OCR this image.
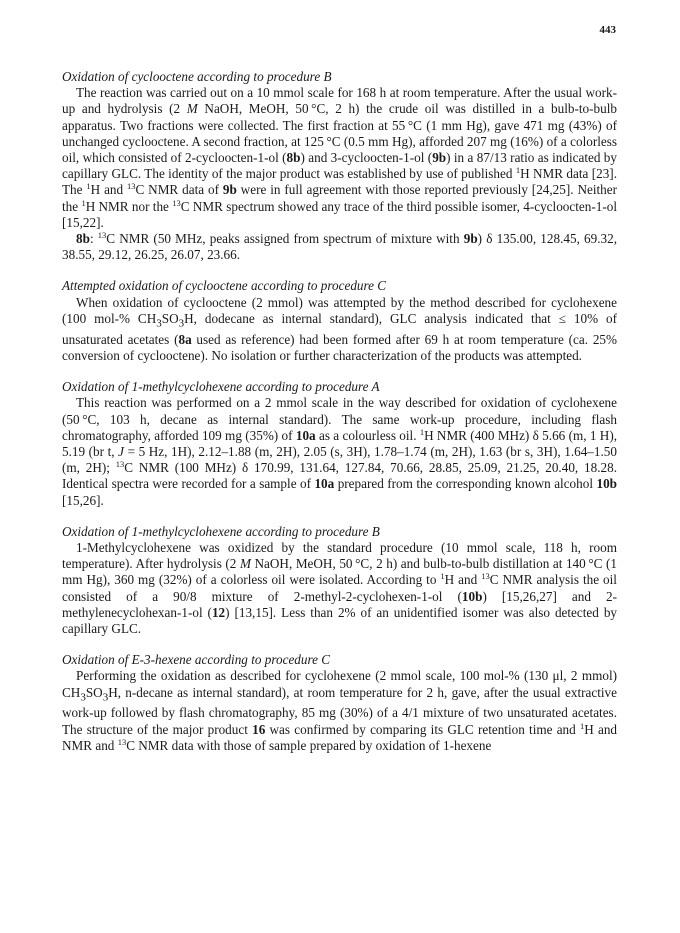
443

Oxidation of cyclooctene according to procedure B

The reaction was carried out on a 10 mmol scale for 168 h at room temperature. After the usual work-up and hydrolysis (2 M NaOH, MeOH, 50 °C, 2 h) the crude oil was distilled in a bulb-to-bulb apparatus. Two fractions were collected. The first fraction at 55 °C (1 mm Hg), gave 471 mg (43%) of unchanged cyclooctene. A second fraction, at 125 °C (0.5 mm Hg), afforded 207 mg (16%) of a colorless oil, which consisted of 2-cycloocten-1-ol (8b) and 3-cycloocten-1-ol (9b) in a 87/13 ratio as indicated by capillary GLC. The identity of the major product was established by use of published $^1$H NMR data [23]. The $^1$H and $^{13}$C NMR data of 9b were in full agreement with those reported previously [24,25]. Neither the $^1$H NMR nor the $^{13}$C NMR spectrum showed any trace of the third possible isomer, 4-cycloocten-1-ol [15,22].

8b: $^{13}$C NMR (50 MHz, peaks assigned from spectrum of mixture with 9b) δ 135.00, 128.45, 69.32, 38.55, 29.12, 26.25, 26.07, 23.66.

Attempted oxidation of cyclooctene according to procedure C

When oxidation of cyclooctene (2 mmol) was attempted by the method described for cyclohexene (100 mol-% $CH_3SO_3H$, dodecane as internal standard), GLC analysis indicated that ≤ 10% of unsaturated acetates (8a used as reference) had been formed after 69 h at room temperature (ca. 25% conversion of cyclooctene). No isolation or further characterization of the products was attempted.

Oxidation of 1-methylcyclohexene according to procedure A

This reaction was performed on a 2 mmol scale in the way described for oxidation of cyclohexene (50 °C, 103 h, decane as internal standard). The same work-up procedure, including flash chromatography, afforded 109 mg (35%) of 10a as a colourless oil. $^1$H NMR (400 MHz) δ 5.66 (m, 1 H), 5.19 (br t, J = 5 Hz, 1H), 2.12–1.88 (m, 2H), 2.05 (s, 3H), 1.78–1.74 (m, 2H), 1.63 (br s, 3H), 1.64–1.50 (m, 2H); $^{13}$C NMR (100 MHz) δ 170.99, 131.64, 127.84, 70.66, 28.85, 25.09, 21.25, 20.40, 18.28. Identical spectra were recorded for a sample of 10a prepared from the corresponding known alcohol 10b [15,26].

Oxidation of 1-methylcyclohexene according to procedure B

1-Methylcyclohexene was oxidized by the standard procedure (10 mmol scale, 118 h, room temperature). After hydrolysis (2 M NaOH, MeOH, 50 °C, 2 h) and bulb-to-bulb distillation at 140 °C (1 mm Hg), 360 mg (32%) of a colorless oil were isolated. According to $^1$H and $^{13}$C NMR analysis the oil consisted of a 90/8 mixture of 2-methyl-2-cyclohexen-1-ol (10b) [15,26,27] and 2-methylenecyclohexan-1-ol (12) [13,15]. Less than 2% of an unidentified isomer was also detected by capillary GLC.

Oxidation of E-3-hexene according to procedure C

Performing the oxidation as described for cyclohexene (2 mmol scale, 100 mol-% (130 μl, 2 mmol) $CH_3SO_3H$, n-decane as internal standard), at room temperature for 2 h, gave, after the usual extractive work-up followed by flash chromatography, 85 mg (30%) of a 4/1 mixture of two unsaturated acetates. The structure of the major product 16 was confirmed by comparing its GLC retention time and $^1$H and NMR and $^{13}$C NMR data with those of sample prepared by oxidation of 1-hexene
